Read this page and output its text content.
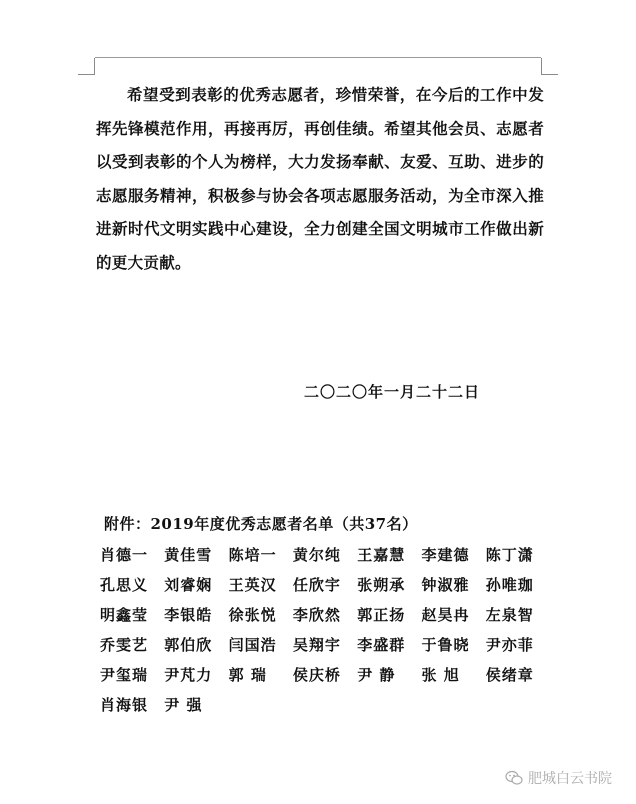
希望受到表彰的优秀志愿者，珍惜荣誉，在今后的工作中发挥先锋模范作用，再接再厉，再创佳绩。希望其他会员、志愿者以受到表彰的个人为榜样，大力发扬奉献、友爱、互助、进步的志愿服务精神，积极参与协会各项志愿服务活动，为全市深入推进新时代文明实践中心建设，全力创建全国文明城市工作做出新的更大贡献。
二〇二〇年一月二十二日
附件：2019年度优秀志愿者名单（共37名）
肖德一	黄佳雪	陈培一	黄尔纯	王嘉慧	李建德	陈丁潇
孔思义	刘睿娴	王英汉	任欣宇	张朔承	钟淑雅	孙唯珈
明鑫莹	李银皓	徐张悦	李欣然	郭正扬	赵昊冉	左泉智
乔雯艺	郭伯欣	闫国浩	吴翔宇	李盛群	于鲁晓	尹亦菲
尹玺瑞	尹芃力	郭 瑞	侯庆桥	尹 静	张 旭	侯绪章
肖海银	尹 强
肥城白云书院
